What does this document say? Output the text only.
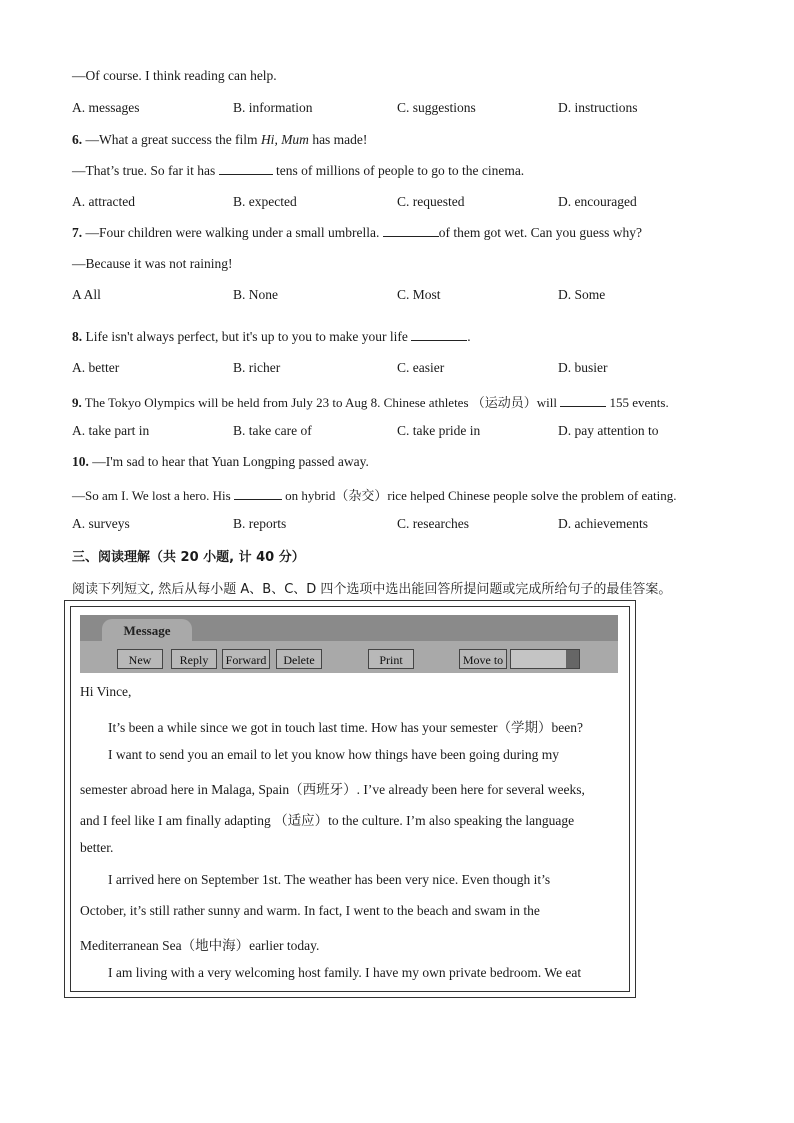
—Of course. I think reading can help.
A. messages	B. information	C. suggestions	D. instructions
6. —What a great success the film Hi, Mum has made!
—That’s true. So far it has	tens of millions of people to go to the cinema.
A. attracted	B. expected	C. requested	D. encouraged
7. —Four children were walking under a small umbrella.	of them got wet. Can you guess why?
—Because it was not raining!
A All	B. None	C. Most	D. Some
8. Life isn't always perfect, but it's up to you to make your life	.
A. better	B. richer	C. easier	D. busier
9. The Tokyo Olympics will be held from July 23 to Aug 8. Chinese athletes （运动员）will	155 events.
A. take part in	B. take care of	C. take pride in	D. pay attention to
10. —I'm sad to hear that Yuan Longping passed away.
—So am I. We lost a hero. His	on hybrid（杂交）rice helped Chinese people solve the problem of eating.
A. surveys	B. reports	C. researches	D. achievements
三、阅读理解（共 20 小题, 计 40 分）
阅读下列短文, 然后从每小题 A、B、C、D 四个选项中选出能回答所提问题或完成所给句子的最佳答案。
Message
New	Reply	Forward	Delete	Print	Move to
Hi Vince,
It’s been a while since we got in touch last time. How has your semester（学期）been?
I want to send you an email to let you know how things have been going during my
semester abroad here in Malaga, Spain（西班牙）. I’ve already been here for several weeks,
and I feel like I am finally adapting （适应）to the culture. I’m also speaking the language
better.
I arrived here on September 1st. The weather has been very nice. Even though it’s
October, it’s still rather sunny and warm. In fact, I went to the beach and swam in the
Mediterranean Sea（地中海）earlier today.
I am living with a very welcoming host family. I have my own private bedroom. We eat
